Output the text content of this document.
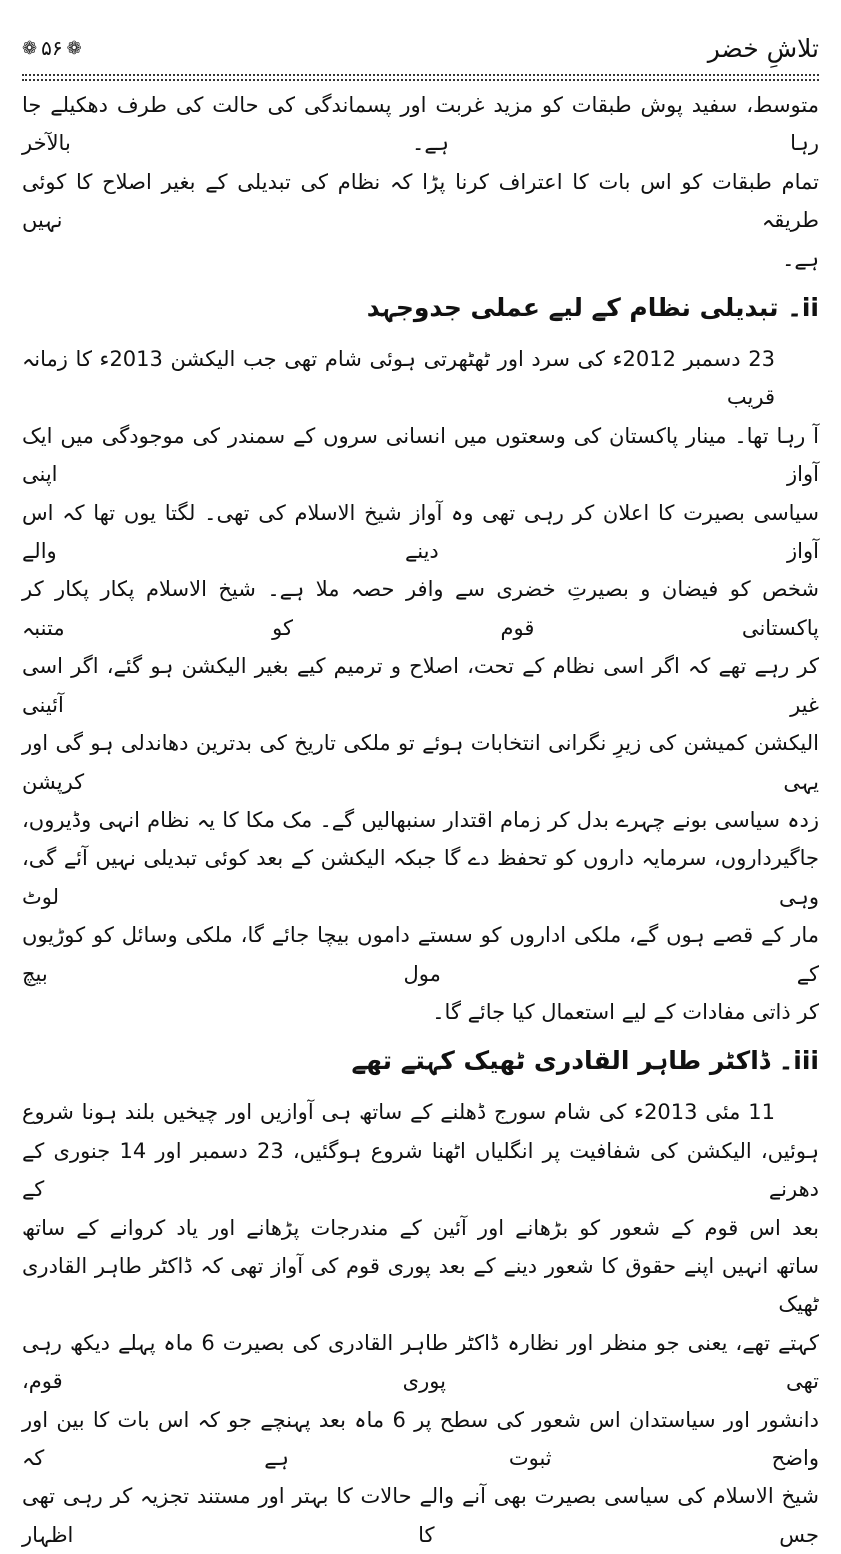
❁ ۵۶ ❁	تلاشِ خضر

متوسط، سفید پوش طبقات کو مزید غربت اور پسماندگی کی حالت کی طرف دھکیلے جا رہا ہے۔ بالآخر
تمام طبقات کو اس بات کا اعتراف کرنا پڑا کہ نظام کی تبدیلی کے بغیر اصلاح کا کوئی طریقہ نہیں
ہے۔

ii۔ تبدیلی نظام کے لیے عملی جدوجہد

23 دسمبر 2012ء کی سرد اور ٹھٹھرتی ہوئی شام تھی جب الیکشن 2013ء کا زمانہ قریب
آ رہا تھا۔ مینار پاکستان کی وسعتوں میں انسانی سروں کے سمندر کی موجودگی میں ایک آواز اپنی
سیاسی بصیرت کا اعلان کر رہی تھی وہ آواز شیخ الاسلام کی تھی۔ لگتا یوں تھا کہ اس آواز دینے والے
شخص کو فیضان و بصیرتِ خضری سے وافر حصہ ملا ہے۔ شیخ الاسلام پکار پکار کر پاکستانی قوم کو متنبہ
کر رہے تھے کہ اگر اسی نظام کے تحت، اصلاح و ترمیم کیے بغیر الیکشن ہو گئے، اگر اسی غیر آئینی
الیکشن کمیشن کی زیرِ نگرانی انتخابات ہوئے تو ملکی تاریخ کی بدترین دھاندلی ہو گی اور یہی کرپشن
زدہ سیاسی بونے چہرے بدل کر زمام اقتدار سنبھالیں گے۔ مک مکا کا یہ نظام انہی وڈیروں،
جاگیرداروں، سرمایہ داروں کو تحفظ دے گا جبکہ الیکشن کے بعد کوئی تبدیلی نہیں آئے گی، وہی لوٹ
مار کے قصے ہوں گے، ملکی اداروں کو سستے داموں بیچا جائے گا، ملکی وسائل کو کوڑیوں کے مول بیچ
کر ذاتی مفادات کے لیے استعمال کیا جائے گا۔

iii۔ ڈاکٹر طاہر القادری ٹھیک کہتے تھے

11 مئی 2013ء کی شام سورج ڈھلنے کے ساتھ ہی آوازیں اور چیخیں بلند ہونا شروع
ہوئیں، الیکشن کی شفافیت پر انگلیاں اٹھنا شروع ہوگئیں، 23 دسمبر اور 14 جنوری کے دھرنے کے
بعد اس قوم کے شعور کو بڑھانے اور آئین کے مندرجات پڑھانے اور یاد کروانے کے ساتھ
ساتھ انہیں اپنے حقوق کا شعور دینے کے بعد پوری قوم کی آواز تھی کہ ڈاکٹر طاہر القادری ٹھیک
کہتے تھے، یعنی جو منظر اور نظارہ ڈاکٹر طاہر القادری کی بصیرت 6 ماہ پہلے دیکھ رہی تھی پوری قوم،
دانشور اور سیاستدان اس شعور کی سطح پر 6 ماہ بعد پہنچے جو کہ اس بات کا بین اور واضح ثبوت ہے کہ
شیخ الاسلام کی سیاسی بصیرت بھی آنے والے حالات کا بہتر اور مستند تجزیہ کر رہی تھی جس کا اظہار
